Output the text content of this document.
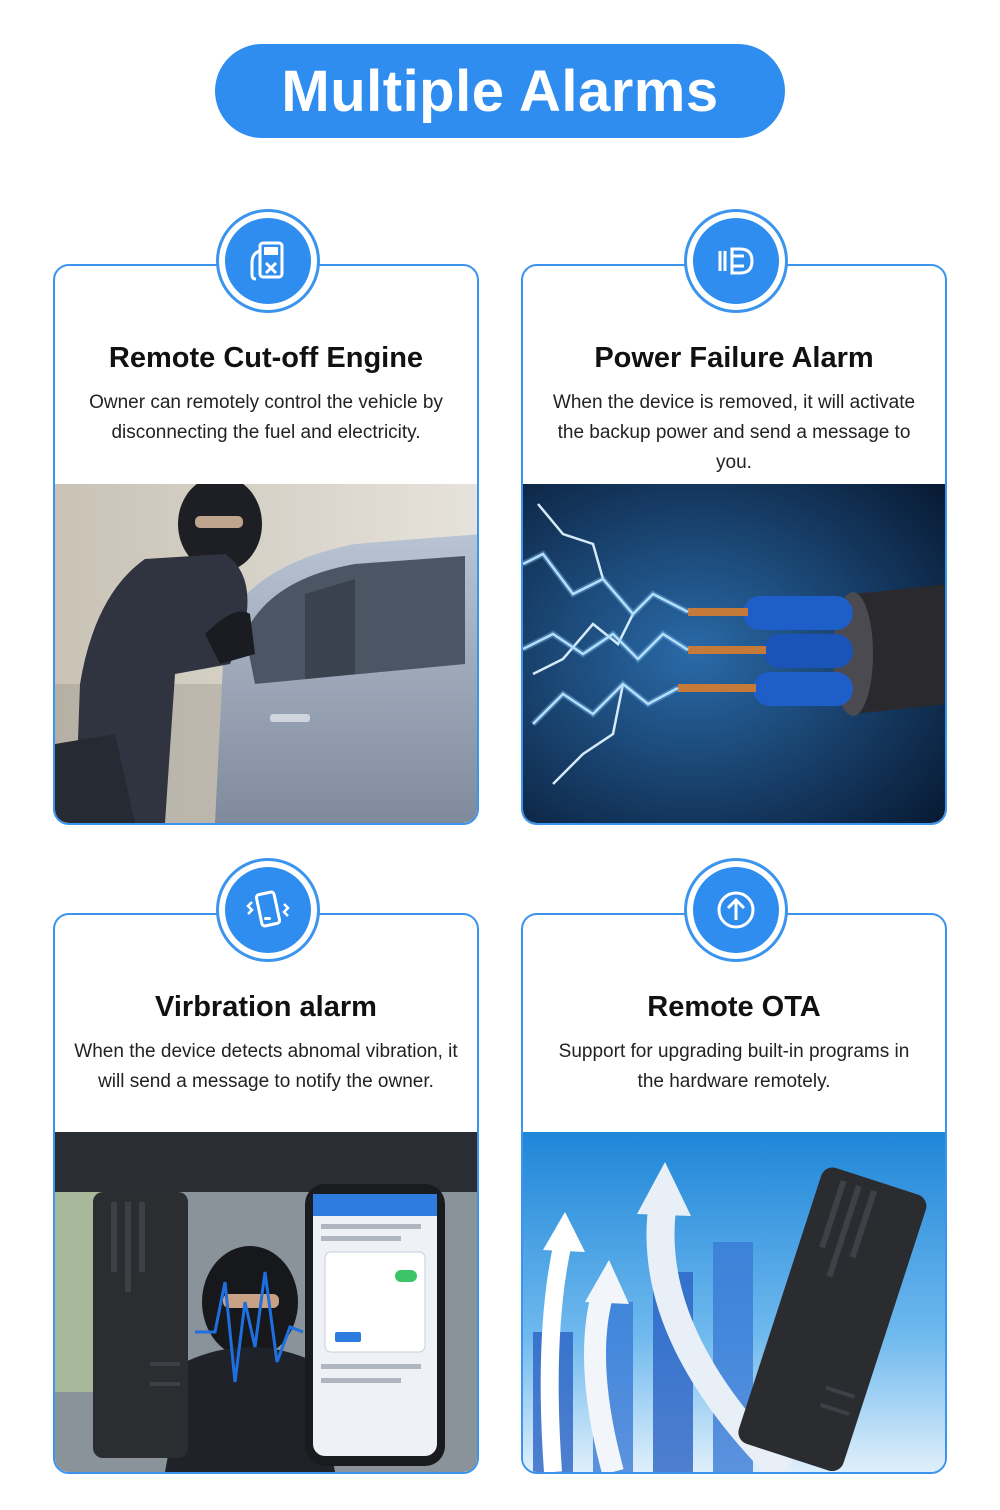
Multiple Alarms
Remote Cut-off Engine
Owner can remotely control the vehicle by disconnecting the fuel and electricity.
Power Failure Alarm
When the device is removed, it will activate the backup power and send a message to you.
Virbration alarm
When the device detects abnomal vibration, it will send a message to notify the owner.
Remote OTA
Support for upgrading built-in programs in the hardware remotely.
